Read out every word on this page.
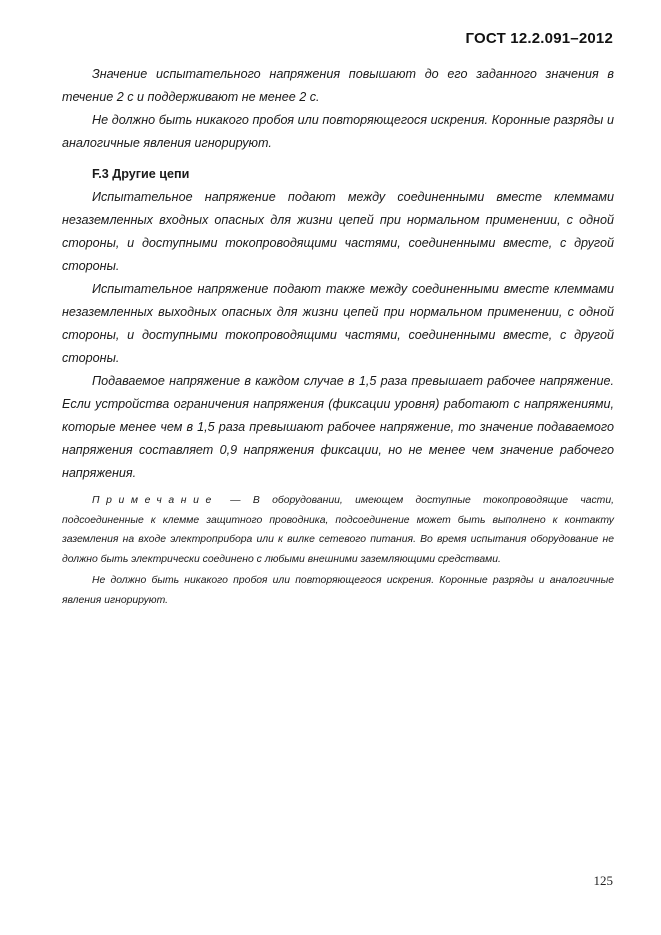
ГОСТ 12.2.091–2012

Значение испытательного напряжения повышают до его заданного значения в течение 2 с и поддерживают не менее 2 с.

Не должно быть никакого пробоя или повторяющегося искрения. Коронные разряды и аналогичные явления игнорируют.

F.3 Другие цепи

Испытательное напряжение подают между соединенными вместе клеммами незаземленных входных опасных для жизни цепей при нормальном применении, с одной стороны, и доступными токопроводящими частями, соединенными вместе, с другой стороны.

Испытательное напряжение подают также между соединенными вместе клеммами незаземленных выходных опасных для жизни цепей при нормальном применении, с одной стороны, и доступными токопроводящими частями, соединенными вместе, с другой стороны.

Подаваемое напряжение в каждом случае в 1,5 раза превышает рабочее напряжение. Если устройства ограничения напряжения (фиксации уровня) работают с напряжениями, которые менее чем в 1,5 раза превышают рабочее напряжение, то значение подаваемого напряжения составляет 0,9 напряжения фиксации, но не менее чем значение рабочего напряжения.

Примечание — В оборудовании, имеющем доступные токопроводящие части, подсоединенные к клемме защитного проводника, подсоединение может быть выполнено к контакту заземления на входе электроприбора или к вилке сетевого питания. Во время испытания оборудование не должно быть электрически соединено с любыми внешними заземляющими средствами.

Не должно быть никакого пробоя или повторяющегося искрения. Коронные разряды и аналогичные явления игнорируют.

125
